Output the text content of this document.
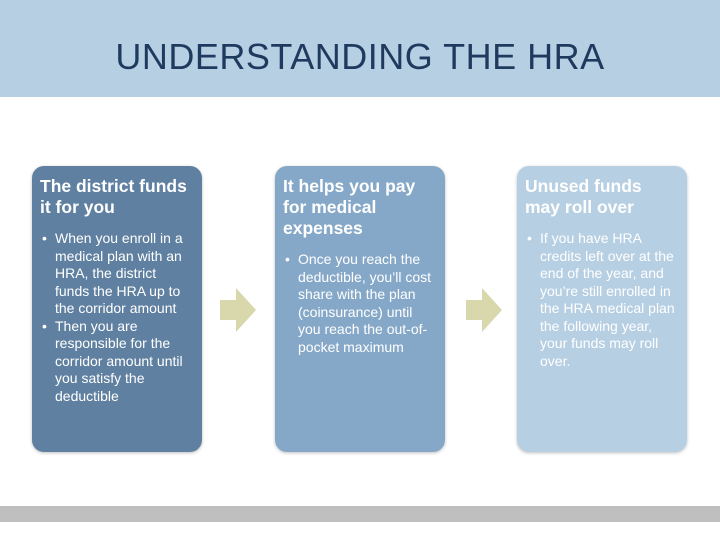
UNDERSTANDING THE HRA
The district funds it for you
• When you enroll in a medical plan with an HRA, the district funds the HRA up to the corridor amount
• Then you are responsible for the corridor amount until you satisfy the deductible
It helps you pay for medical expenses
• Once you reach the deductible, you’ll cost share with the plan (coinsurance) until you reach the out-of-pocket maximum
Unused funds may roll over
• If you have HRA credits left over at the end of the year, and you’re still enrolled in the HRA medical plan the following year, your funds may roll over.
